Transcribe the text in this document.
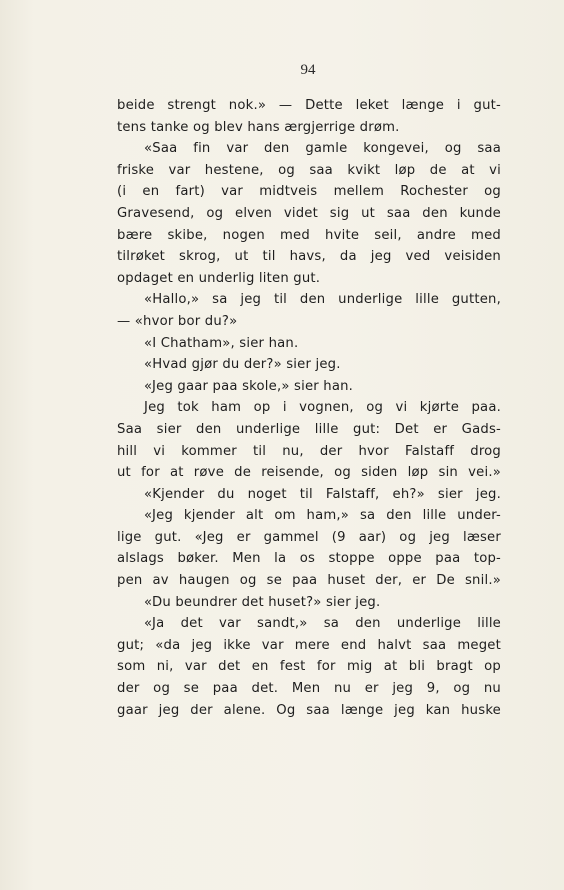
94
beide strengt nok.» — Dette leket længe i gut-
tens tanke og blev hans ærgjerrige drøm.
«Saa fin var den gamle kongevei, og saa
friske var hestene, og saa kvikt løp de at vi
(i en fart) var midtveis mellem Rochester og
Gravesend, og elven videt sig ut saa den kunde
bære skibe, nogen med hvite seil, andre med
tilrøket skrog, ut til havs, da jeg ved veisiden
opdaget en underlig liten gut.
«Hallo,» sa jeg til den underlige lille gutten,
— «hvor bor du?»
«I Chatham», sier han.
«Hvad gjør du der?» sier jeg.
«Jeg gaar paa skole,» sier han.
Jeg tok ham op i vognen, og vi kjørte paa.
Saa sier den underlige lille gut: Det er Gads-
hill vi kommer til nu, der hvor Falstaff drog
ut for at røve de reisende, og siden løp sin vei.»
«Kjender du noget til Falstaff, eh?» sier jeg.
«Jeg kjender alt om ham,» sa den lille under-
lige gut. «Jeg er gammel (9 aar) og jeg læser
alslags bøker. Men la os stoppe oppe paa top-
pen av haugen og se paa huset der, er De snil.»
«Du beundrer det huset?» sier jeg.
«Ja det var sandt,» sa den underlige lille
gut; «da jeg ikke var mere end halvt saa meget
som ni, var det en fest for mig at bli bragt op
der og se paa det. Men nu er jeg 9, og nu
gaar jeg der alene. Og saa længe jeg kan huske
